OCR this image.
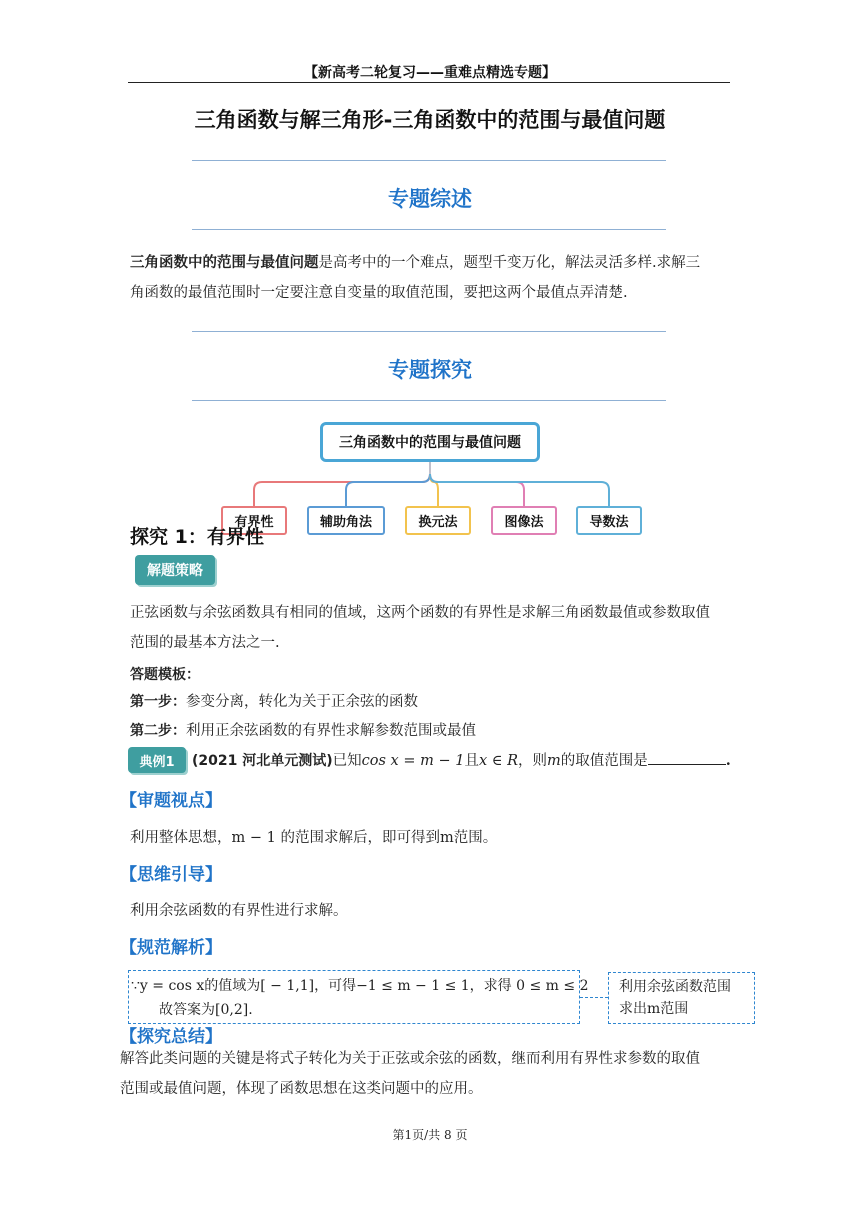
【新高考二轮复习——重难点精选专题】
三角函数与解三角形-三角函数中的范围与最值问题
专题综述
三角函数中的范围与最值问题是高考中的一个难点，题型千变万化，解法灵活多样.求解三
角函数的最值范围时一定要注意自变量的取值范围，要把这两个最值点弄清楚.
专题探究
三角函数中的范围与最值问题
有界性	辅助角法	换元法	图像法	导数法
探究 1：有界性
解题策略
正弦函数与余弦函数具有相同的值域，这两个函数的有界性是求解三角函数最值或参数取值
范围的最基本方法之一.
答题模板：
第一步：参变分离，转化为关于正余弦的函数
第二步：利用正余弦函数的有界性求解参数范围或最值
典例1	(2021 河北单元测试)已知cos x = m − 1且x ∈ R，则m的取值范围是	.
【审题视点】
利用整体思想，m − 1 的范围求解后，即可得到m范围。
【思维引导】
利用余弦函数的有界性进行求解。
【规范解析】
∵y = cos x的值域为[ − 1,1]，可得−1 ≤ m − 1 ≤ 1，求得 0 ≤ m ≤ 2
故答案为[0,2].
利用余弦函数范围
求出m范围
【探究总结】
解答此类问题的关键是将式子转化为关于正弦或余弦的函数，继而利用有界性求参数的取值
范围或最值问题，体现了函数思想在这类问题中的应用。
第1页/共 8 页
